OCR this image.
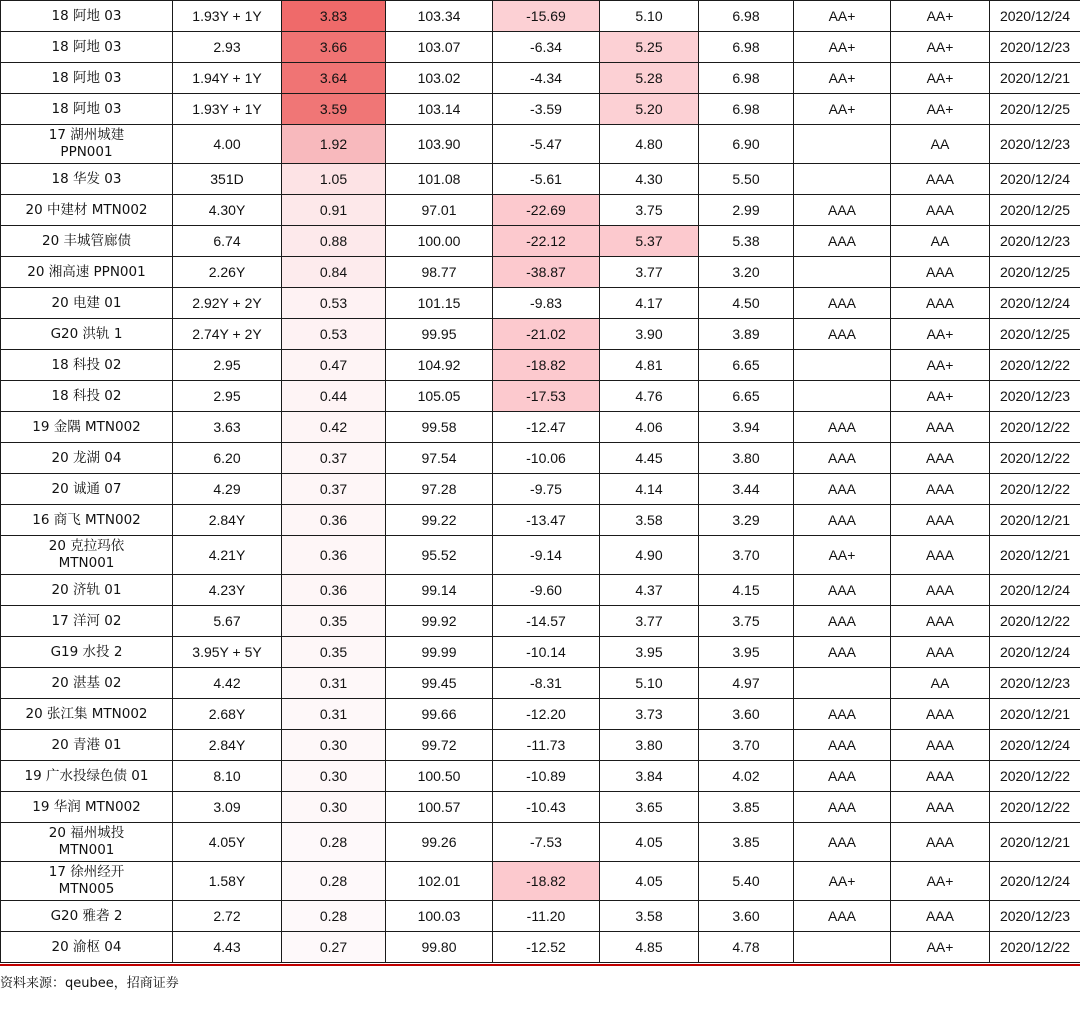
18 阿地 03	1.93Y + 1Y	3.83	103.34	-15.69	5.10	6.98	AA+	AA+	2020/12/24
18 阿地 03	2.93	3.66	103.07	-6.34	5.25	6.98	AA+	AA+	2020/12/23
18 阿地 03	1.94Y + 1Y	3.64	103.02	-4.34	5.28	6.98	AA+	AA+	2020/12/21
18 阿地 03	1.93Y + 1Y	3.59	103.14	-3.59	5.20	6.98	AA+	AA+	2020/12/25
17 湖州城建
PPN001	4.00	1.92	103.90	-5.47	4.80	6.90		AA	2020/12/23
18 华发 03	351D	1.05	101.08	-5.61	4.30	5.50		AAA	2020/12/24
20 中建材 MTN002	4.30Y	0.91	97.01	-22.69	3.75	2.99	AAA	AAA	2020/12/25
20 丰城管廊债	6.74	0.88	100.00	-22.12	5.37	5.38	AAA	AA	2020/12/23
20 湘高速 PPN001	2.26Y	0.84	98.77	-38.87	3.77	3.20		AAA	2020/12/25
20 电建 01	2.92Y + 2Y	0.53	101.15	-9.83	4.17	4.50	AAA	AAA	2020/12/24
G20 洪轨 1	2.74Y + 2Y	0.53	99.95	-21.02	3.90	3.89	AAA	AA+	2020/12/25
18 科投 02	2.95	0.47	104.92	-18.82	4.81	6.65		AA+	2020/12/22
18 科投 02	2.95	0.44	105.05	-17.53	4.76	6.65		AA+	2020/12/23
19 金隅 MTN002	3.63	0.42	99.58	-12.47	4.06	3.94	AAA	AAA	2020/12/22
20 龙湖 04	6.20	0.37	97.54	-10.06	4.45	3.80	AAA	AAA	2020/12/22
20 诚通 07	4.29	0.37	97.28	-9.75	4.14	3.44	AAA	AAA	2020/12/22
16 商飞 MTN002	2.84Y	0.36	99.22	-13.47	3.58	3.29	AAA	AAA	2020/12/21
20 克拉玛依
MTN001	4.21Y	0.36	95.52	-9.14	4.90	3.70	AA+	AAA	2020/12/21
20 济轨 01	4.23Y	0.36	99.14	-9.60	4.37	4.15	AAA	AAA	2020/12/24
17 洋河 02	5.67	0.35	99.92	-14.57	3.77	3.75	AAA	AAA	2020/12/22
G19 水投 2	3.95Y + 5Y	0.35	99.99	-10.14	3.95	3.95	AAA	AAA	2020/12/24
20 湛基 02	4.42	0.31	99.45	-8.31	5.10	4.97		AA	2020/12/23
20 张江集 MTN002	2.68Y	0.31	99.66	-12.20	3.73	3.60	AAA	AAA	2020/12/21
20 青港 01	2.84Y	0.30	99.72	-11.73	3.80	3.70	AAA	AAA	2020/12/24
19 广水投绿色债 01	8.10	0.30	100.50	-10.89	3.84	4.02	AAA	AAA	2020/12/22
19 华润 MTN002	3.09	0.30	100.57	-10.43	3.65	3.85	AAA	AAA	2020/12/22
20 福州城投
MTN001	4.05Y	0.28	99.26	-7.53	4.05	3.85	AAA	AAA	2020/12/21
17 徐州经开
MTN005	1.58Y	0.28	102.01	-18.82	4.05	5.40	AA+	AA+	2020/12/24
G20 雅砻 2	2.72	0.28	100.03	-11.20	3.58	3.60	AAA	AAA	2020/12/23
20 渝枢 04	4.43	0.27	99.80	-12.52	4.85	4.78		AA+	2020/12/22
资料来源：qeubee，招商证券
